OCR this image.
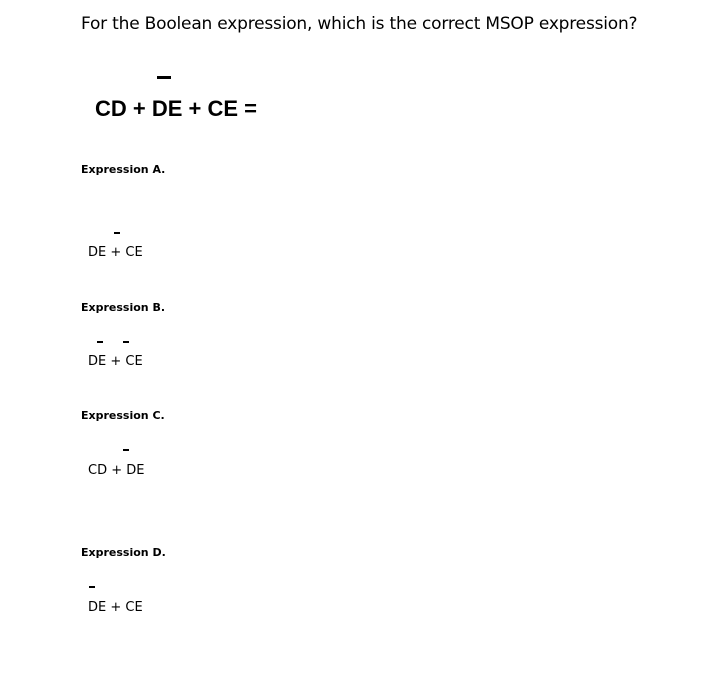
For the Boolean expression, which is the correct MSOP expression?
CD + DE + CE =
Expression A.
DE + CE
Expression B.
DE + CE
Expression C.
CD + DE
Expression D.
DE + CE
